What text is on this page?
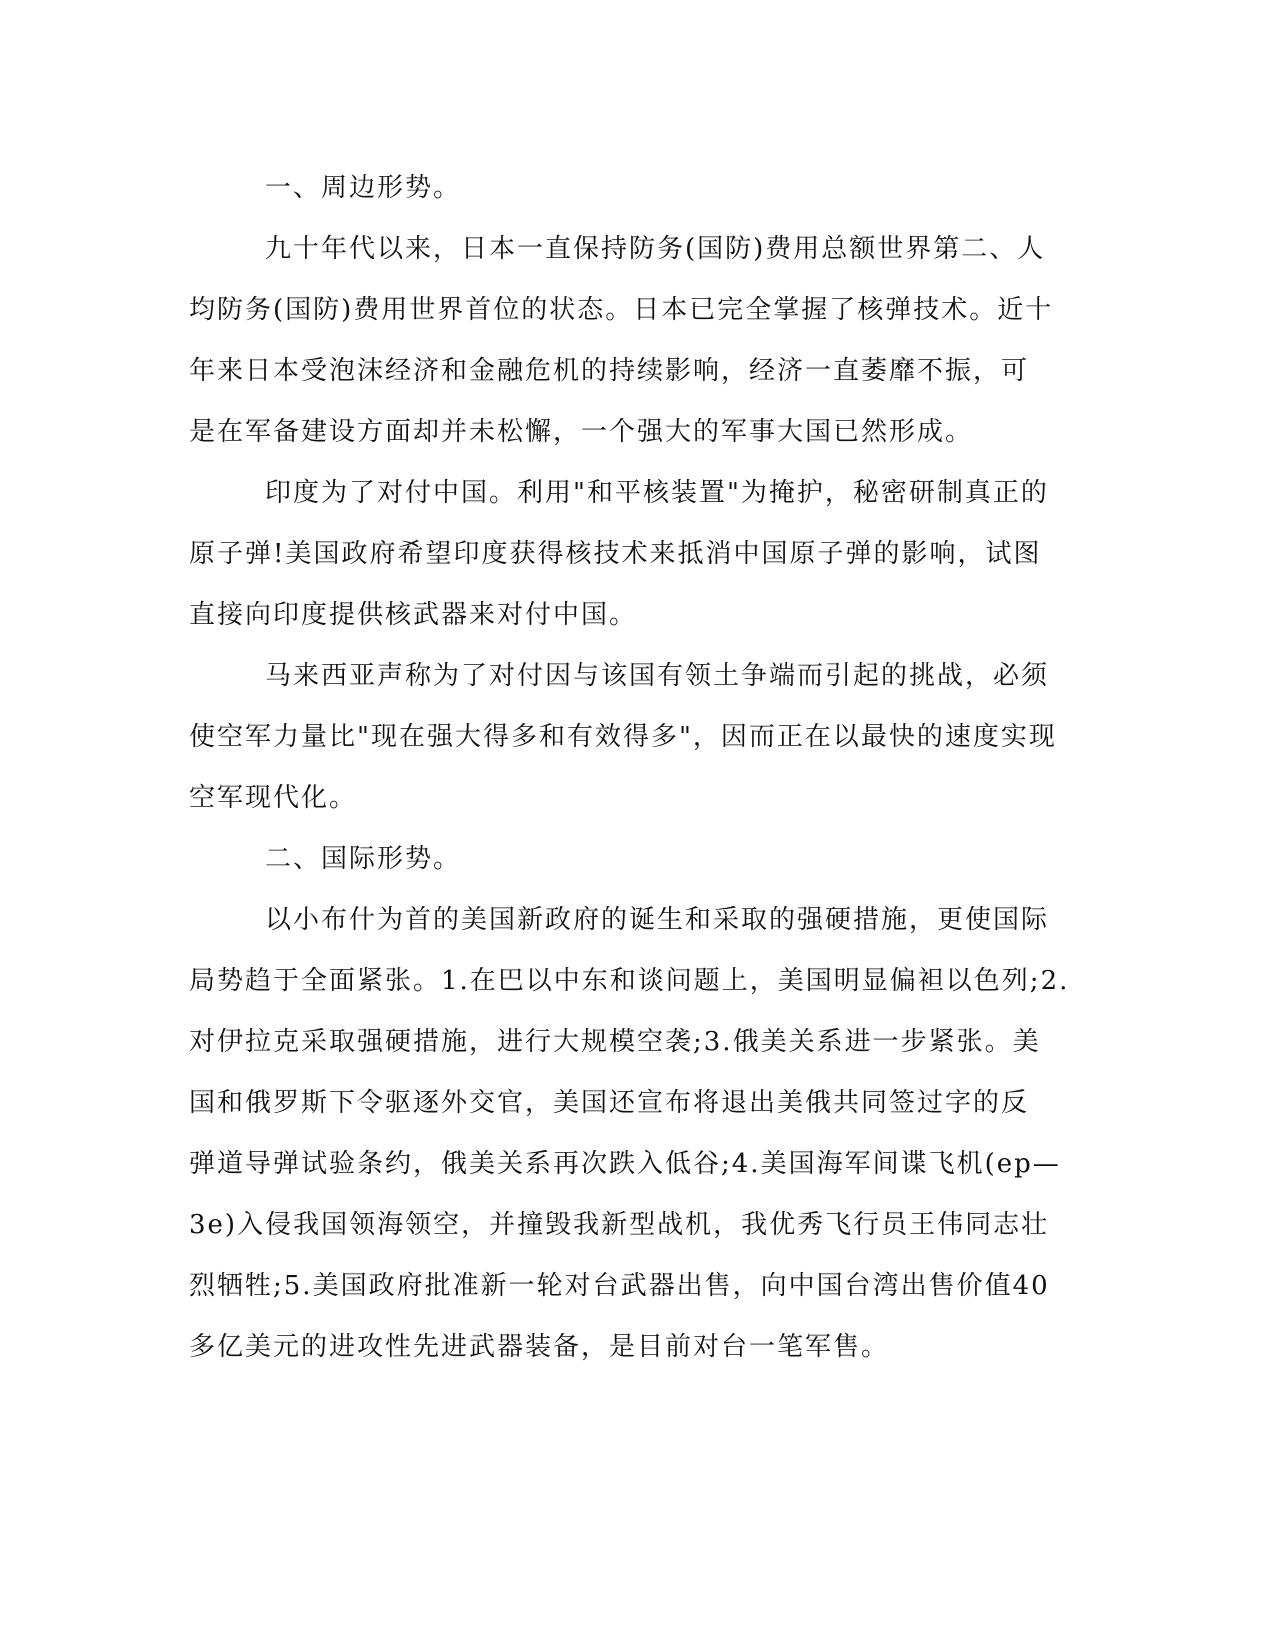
一、周边形势。

九十年代以来，日本一直保持防务(国防)费用总额世界第二、人
均防务(国防)费用世界首位的状态。日本已完全掌握了核弹技术。近十
年来日本受泡沫经济和金融危机的持续影响，经济一直萎靡不振，可
是在军备建设方面却并未松懈，一个强大的军事大国已然形成。

印度为了对付中国。利用"和平核装置"为掩护，秘密研制真正的
原子弹!美国政府希望印度获得核技术来抵消中国原子弹的影响，试图
直接向印度提供核武器来对付中国。

马来西亚声称为了对付因与该国有领土争端而引起的挑战，必须
使空军力量比"现在强大得多和有效得多"，因而正在以最快的速度实现
空军现代化。

二、国际形势。

以小布什为首的美国新政府的诞生和采取的强硬措施，更使国际
局势趋于全面紧张。1.在巴以中东和谈问题上，美国明显偏袒以色列;2.
对伊拉克采取强硬措施，进行大规模空袭;3.俄美关系进一步紧张。美
国和俄罗斯下令驱逐外交官，美国还宣布将退出美俄共同签过字的反
弹道导弹试验条约，俄美关系再次跌入低谷;4.美国海军间谍飞机(ep—
3e)入侵我国领海领空，并撞毁我新型战机，我优秀飞行员王伟同志壮
烈牺牲;5.美国政府批准新一轮对台武器出售，向中国台湾出售价值40
多亿美元的进攻性先进武器装备，是目前对台一笔军售。
